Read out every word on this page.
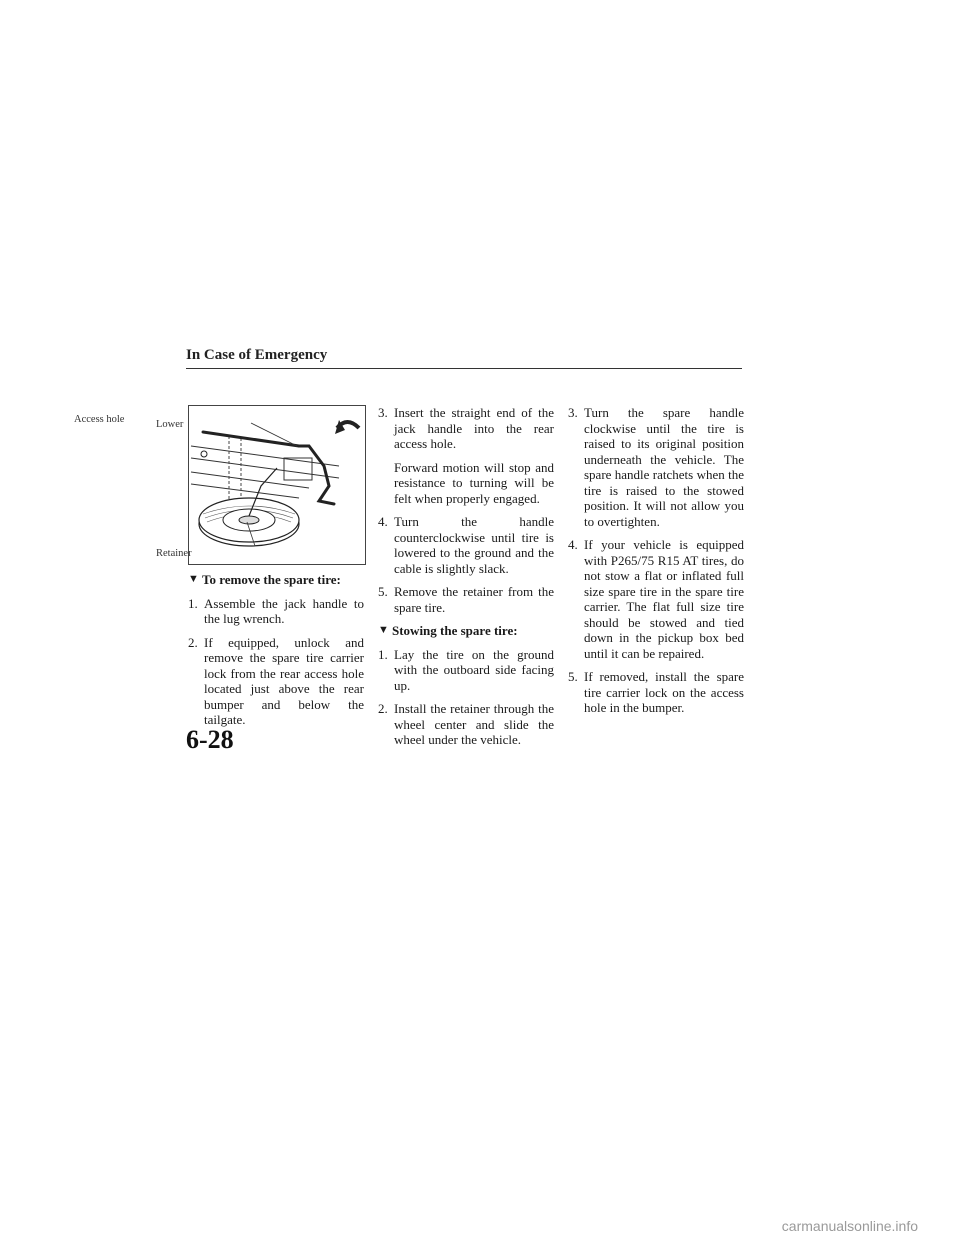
In Case of Emergency
Access hole	Lower
Retainer
▼ To remove the spare tire:
1. Assemble the jack handle to the lug wrench.
2. If equipped, unlock and remove the spare tire carrier lock from the rear access hole located just above the rear bumper and below the tailgate.
3. Insert the straight end of the jack handle into the rear access hole.
Forward motion will stop and resistance to turning will be felt when properly engaged.
4. Turn the handle counterclockwise until tire is lowered to the ground and the cable is slightly slack.
5. Remove the retainer from the spare tire.
▼ Stowing the spare tire:
1. Lay the tire on the ground with the outboard side facing up.
2. Install the retainer through the wheel center and slide the wheel under the vehicle.
3. Turn the spare handle clockwise until the tire is raised to its original position underneath the vehicle. The spare handle ratchets when the tire is raised to the stowed position. It will not allow you to overtighten.
4. If your vehicle is equipped with P265/75 R15 AT tires, do not stow a flat or inflated full size spare tire in the spare tire carrier. The flat full size tire should be stowed and tied down in the pickup box bed until it can be repaired.
5. If removed, install the spare tire carrier lock on the access hole in the bumper.
6-28
carmanualsonline.info
